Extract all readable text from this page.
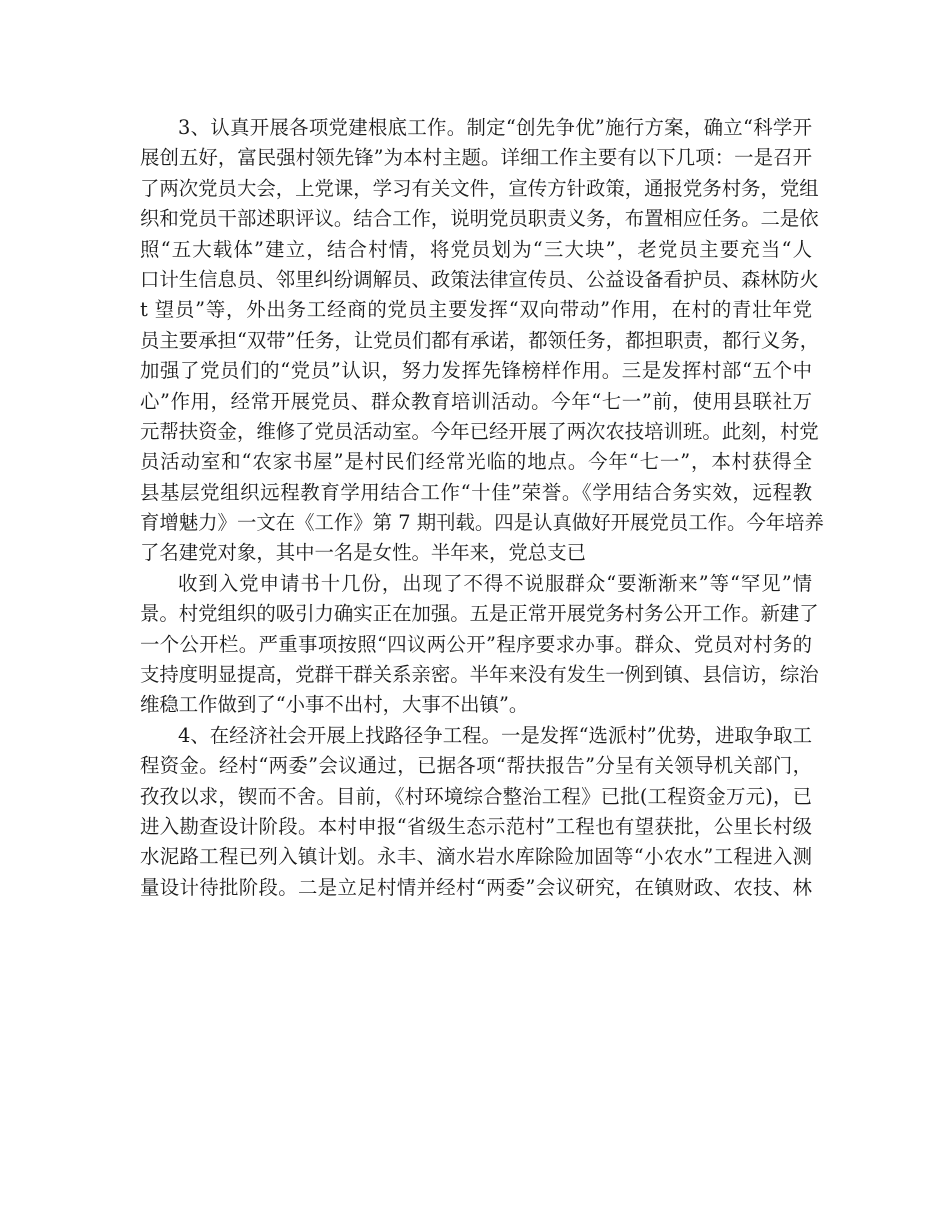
3、认真开展各项党建根底工作。制定“创先争优”施行方案，确立“科学开
展创五好，富民强村领先锋”为本村主题。详细工作主要有以下几项：一是召开
了两次党员大会，上党课，学习有关文件，宣传方针政策，通报党务村务，党组
织和党员干部述职评议。结合工作，说明党员职责义务，布置相应任务。二是依
照“五大载体”建立，结合村情，将党员划为“三大块”，老党员主要充当“人
口计生信息员、邻里纠纷调解员、政策法律宣传员、公益设备看护员、森林防火
t 望员”等，外出务工经商的党员主要发挥“双向带动”作用，在村的青壮年党
员主要承担“双带”任务，让党员们都有承诺，都领任务，都担职责，都行义务，
加强了党员们的“党员”认识，努力发挥先锋榜样作用。三是发挥村部“五个中
心”作用，经常开展党员、群众教育培训活动。今年“七一”前，使用县联社万
元帮扶资金，维修了党员活动室。今年已经开展了两次农技培训班。此刻，村党
员活动室和“农家书屋”是村民们经常光临的地点。今年“七一”，本村获得全
县基层党组织远程教育学用结合工作“十佳”荣誉。《学用结合务实效，远程教
育增魅力》一文在《工作》第 7 期刊载。四是认真做好开展党员工作。今年培养
了名建党对象，其中一名是女性。半年来，党总支已
收到入党申请书十几份，出现了不得不说服群众“要渐渐来”等“罕见”情
景。村党组织的吸引力确实正在加强。五是正常开展党务村务公开工作。新建了
一个公开栏。严重事项按照“四议两公开”程序要求办事。群众、党员对村务的
支持度明显提高，党群干群关系亲密。半年来没有发生一例到镇、县信访，综治
维稳工作做到了“小事不出村，大事不出镇”。
4、在经济社会开展上找路径争工程。一是发挥“选派村”优势，进取争取工
程资金。经村“两委”会议通过，已据各项“帮扶报告”分呈有关领导机关部门，
孜孜以求，锲而不舍。目前，《村环境综合整治工程》已批(工程资金万元)，已
进入勘查设计阶段。本村申报“省级生态示范村”工程也有望获批，公里长村级
水泥路工程已列入镇计划。永丰、滴水岩水库除险加固等“小农水”工程进入测
量设计待批阶段。二是立足村情并经村“两委”会议研究，在镇财政、农技、林
